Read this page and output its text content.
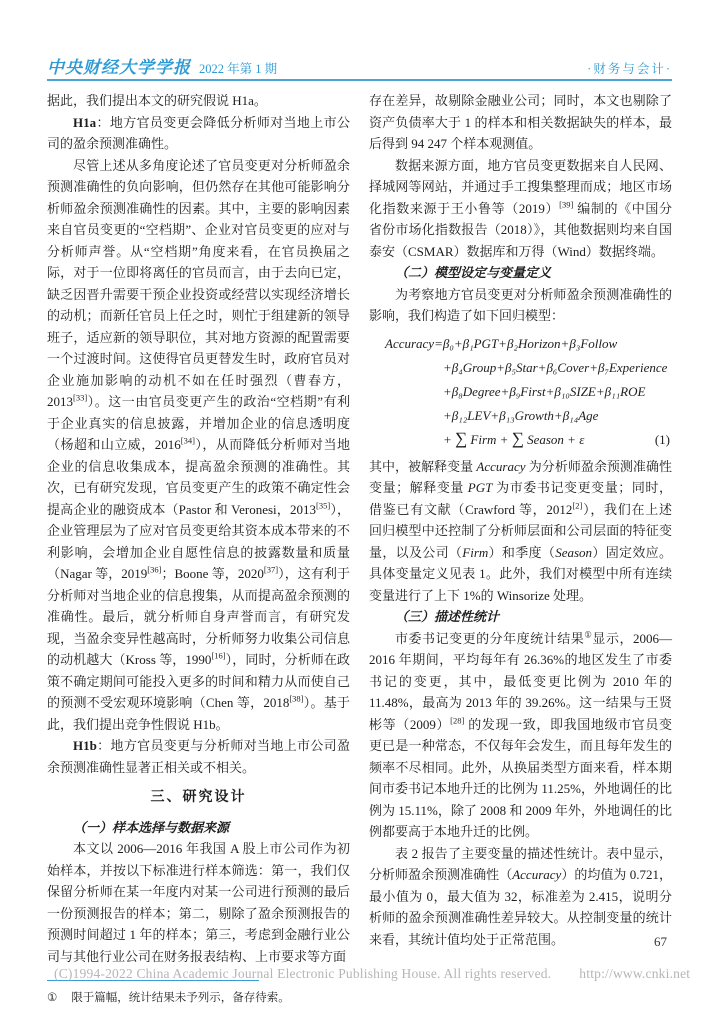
中央财经大学学报 2022 年第 1 期	·财务与会计·

据此，我们提出本文的研究假说 H1a。

H1a：地方官员变更会降低分析师对当地上市公司的盈余预测准确性。

尽管上述从多角度论述了官员变更对分析师盈余预测准确性的负向影响，但仍然存在其他可能影响分析师盈余预测准确性的因素。其中，主要的影响因素来自官员变更的“空档期”、企业对官员变更的应对与分析师声誉。从“空档期”角度来看，在官员换届之际，对于一位即将离任的官员而言，由于去向已定，缺乏因晋升需要干预企业投资或经营以实现经济增长的动机；而新任官员上任之时，则忙于组建新的领导班子，适应新的领导职位，其对地方资源的配置需要一个过渡时间。这使得官员更替发生时，政府官员对企业施加影响的动机不如在任时强烈（曹春方，2013[33]）。这一由官员变更产生的政治“空档期”有利于企业真实的信息披露，并增加企业的信息透明度（杨超和山立威，2016[34]），从而降低分析师对当地企业的信息收集成本，提高盈余预测的准确性。其次，已有研究发现，官员变更产生的政策不确定性会提高企业的融资成本（Pastor 和 Veronesi，2013[35]），企业管理层为了应对官员变更给其资本成本带来的不利影响，会增加企业自愿性信息的披露数量和质量（Nagar 等，2019[36]；Boone 等，2020[37]），这有利于分析师对当地企业的信息搜集，从而提高盈余预测的准确性。最后，就分析师自身声誉而言，有研究发现，当盈余变异性越高时，分析师努力收集公司信息的动机越大（Kross 等，1990[16]），同时，分析师在政策不确定期间可能投入更多的时间和精力从而使自己的预测不受宏观环境影响（Chen 等，2018[38]）。基于此，我们提出竞争性假说 H1b。

H1b：地方官员变更与分析师对当地上市公司盈余预测准确性显著正相关或不相关。

三、研究设计

（一）样本选择与数据来源

本文以 2006—2016 年我国 A 股上市公司作为初始样本，并按以下标准进行样本筛选：第一，我们仅保留分析师在某一年度内对某一公司进行预测的最后一份预测报告的样本；第二，剔除了盈余预测报告的预测时间超过 1 年的样本；第三，考虑到金融行业公司与其他行业公司在财务报表结构、上市要求等方面

① 限于篇幅，统计结果未予列示，备存待索。

存在差异，故剔除金融业公司；同时，本文也剔除了资产负债率大于 1 的样本和相关数据缺失的样本，最后得到 94 247 个样本观测值。

数据来源方面，地方官员变更数据来自人民网、择城网等网站，并通过手工搜集整理而成；地区市场化指数来源于王小鲁等（2019）[39] 编制的《中国分省份市场化指数报告（2018）》，其他数据则均来自国泰安（CSMAR）数据库和万得（Wind）数据终端。

（二）模型设定与变量定义

为考察地方官员变更对分析师盈余预测准确性的影响，我们构造了如下回归模型：

Accuracy=β₀+β₁PGT+β₂Horizon+β₃Follow
+β₄Group+β₅Star+β₆Cover+β₇Experience
+β₈Degree+β₉First+β₁₀SIZE+β₁₁ROE
+β₁₂LEV+β₁₃Growth+β₁₄Age
+ ∑ Firm + ∑ Season + ε	(1)

其中，被解释变量 Accuracy 为分析师盈余预测准确性变量；解释变量 PGT 为市委书记变更变量；同时，借鉴已有文献（Crawford 等，2012[2]），我们在上述回归模型中还控制了分析师层面和公司层面的特征变量，以及公司（Firm）和季度（Season）固定效应。具体变量定义见表 1。此外，我们对模型中所有连续变量进行了上下 1%的 Winsorize 处理。

（三）描述性统计

市委书记变更的分年度统计结果①显示，2006—2016 年期间，平均每年有 26.36%的地区发生了市委书记的变更，其中，最低变更比例为 2010 年的 11.48%，最高为 2013 年的 39.26%。这一结果与王贤彬等（2009）[28] 的发现一致，即我国地级市官员变更已是一种常态，不仅每年会发生，而且每年发生的频率不尽相同。此外，从换届类型方面来看，样本期间市委书记本地升迁的比例为 11.25%，外地调任的比例为 15.11%，除了 2008 和 2009 年外，外地调任的比例都要高于本地升迁的比例。

表 2 报告了主要变量的描述性统计。表中显示，分析师盈余预测准确性（Accuracy）的均值为 0.721，最小值为 0，最大值为 32，标准差为 2.415，说明分析师的盈余预测准确性差异较大。从控制变量的统计来看，其统计值均处于正常范围。	67
(C)1994-2022 China Academic Journal Electronic Publishing House. All rights reserved. http://www.cnki.net
